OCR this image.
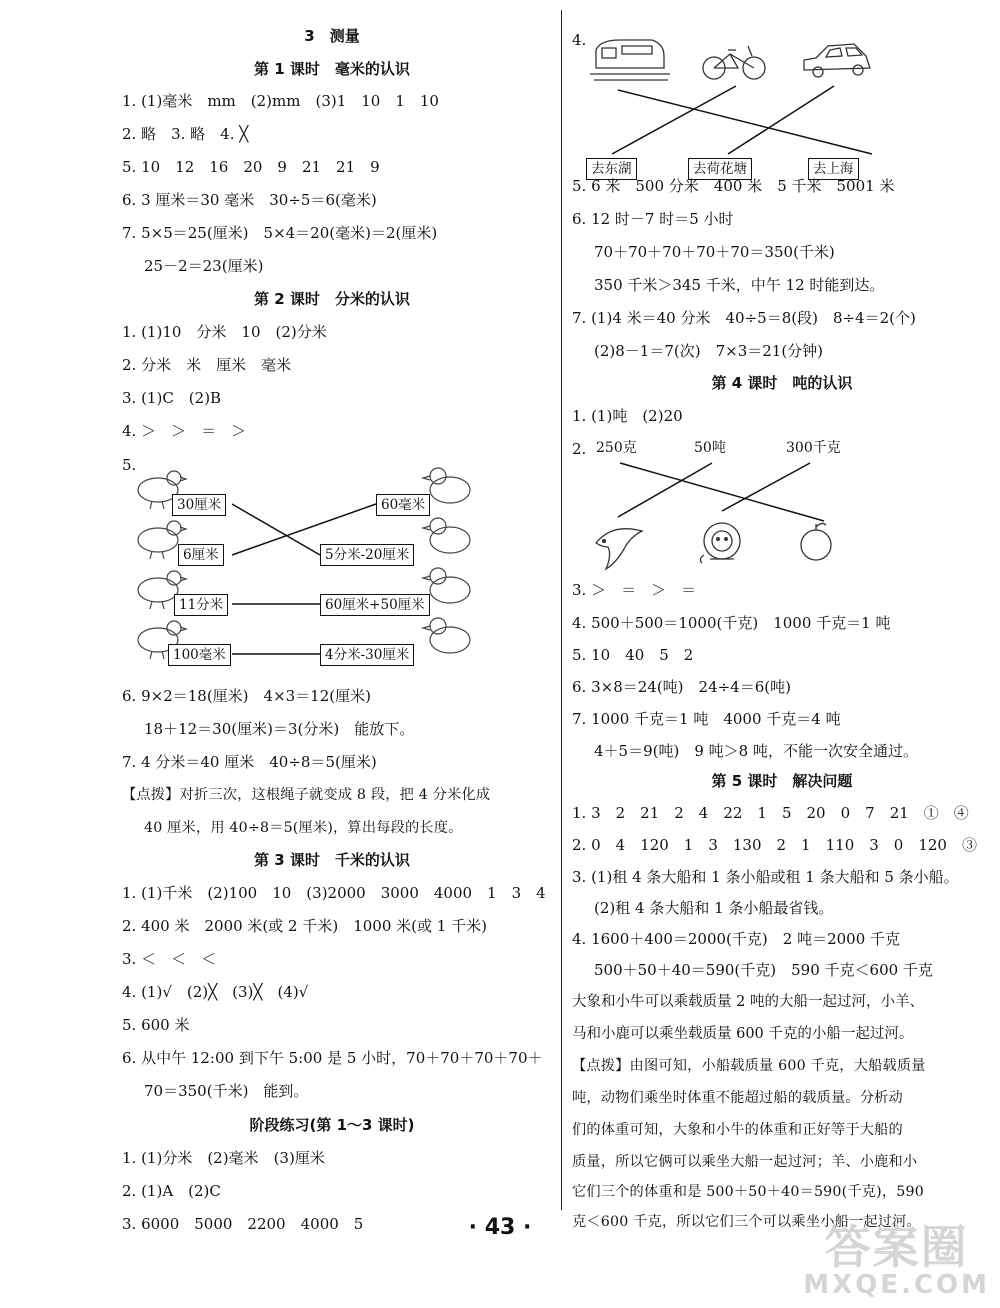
3　测量
第 1 课时　毫米的认识
1. (1)毫米　mm　(2)mm　(3)1　10　1　10
2. 略　3. 略　4. ╳
5. 10　12　16　20　9　21　21　9
6. 3 厘米＝30 毫米　30÷5＝6(毫米)
7. 5×5＝25(厘米)　5×4＝20(毫米)＝2(厘米)
25－2＝23(厘米)
第 2 课时　分米的认识
1. (1)10　分米　10　(2)分米
2. 分米　米　厘米　毫米
3. (1)C　(2)B
4. ＞　＞　＝　＞
5.
30厘米
6厘米
11分米
100毫米
60毫米
5分米-20厘米
60厘米+50厘米
4分米-30厘米
6. 9×2＝18(厘米)　4×3＝12(厘米)
18＋12＝30(厘米)＝3(分米)　能放下。
7. 4 分米＝40 厘米　40÷8＝5(厘米)
【点拨】对折三次，这根绳子就变成 8 段，把 4 分米化成
40 厘米，用 40÷8＝5(厘米)，算出每段的长度。
第 3 课时　千米的认识
1. (1)千米　(2)100　10　(3)2000　3000　4000　1　3　4
2. 400 米　2000 米(或 2 千米)　1000 米(或 1 千米)
3. ＜　＜　＜
4. (1)√　(2)╳　(3)╳　(4)√
5. 600 米
6. 从中午 12:00 到下午 5:00 是 5 小时，70＋70＋70＋70＋
70＝350(千米)　能到。
阶段练习(第 1～3 课时)
1. (1)分米　(2)毫米　(3)厘米
2. (1)A　(2)C
3. 6000　5000　2200　4000　5
4.
去东湖	去荷花塘	去上海
5. 6 米　500 分米　400 米　5 千米　5001 米
6. 12 时－7 时＝5 小时
70＋70＋70＋70＋70＝350(千米)
350 千米＞345 千米，中午 12 时能到达。
7. (1)4 米＝40 分米　40÷5＝8(段)　8÷4＝2(个)
(2)8－1＝7(次)　7×3＝21(分钟)
第 4 课时　吨的认识
1. (1)吨　(2)20
2. 250克	50吨	300千克
3. ＞　＝　＞　＝
4. 500＋500＝1000(千克)　1000 千克＝1 吨
5. 10　40　5　2
6. 3×8＝24(吨)　24÷4＝6(吨)
7. 1000 千克＝1 吨　4000 千克＝4 吨
4＋5＝9(吨)　9 吨＞8 吨，不能一次安全通过。
第 5 课时　解决问题
1. 3　2　21　2　4　22　1　5　20　0　7　21　①　④
2. 0　4　120　1　3　130　2　1　110　3　0　120　③
3. (1)租 4 条大船和 1 条小船或租 1 条大船和 5 条小船。
(2)租 4 条大船和 1 条小船最省钱。
4. 1600＋400＝2000(千克)　2 吨＝2000 千克
500＋50＋40＝590(千克)　590 千克＜600 千克
大象和小牛可以乘载质量 2 吨的大船一起过河，小羊、
马和小鹿可以乘坐载质量 600 千克的小船一起过河。
【点拨】由图可知，小船载质量 600 千克，大船载质量
吨，动物们乘坐时体重不能超过船的载质量。分析动
们的体重可知，大象和小牛的体重和正好等于大船的
质量，所以它俩可以乘坐大船一起过河；羊、小鹿和小
它们三个的体重和是 500＋50＋40＝590(千克)，590
克＜600 千克，所以它们三个可以乘坐小船一起过河。
· 43 ·	答案圈
MXQE.COM
